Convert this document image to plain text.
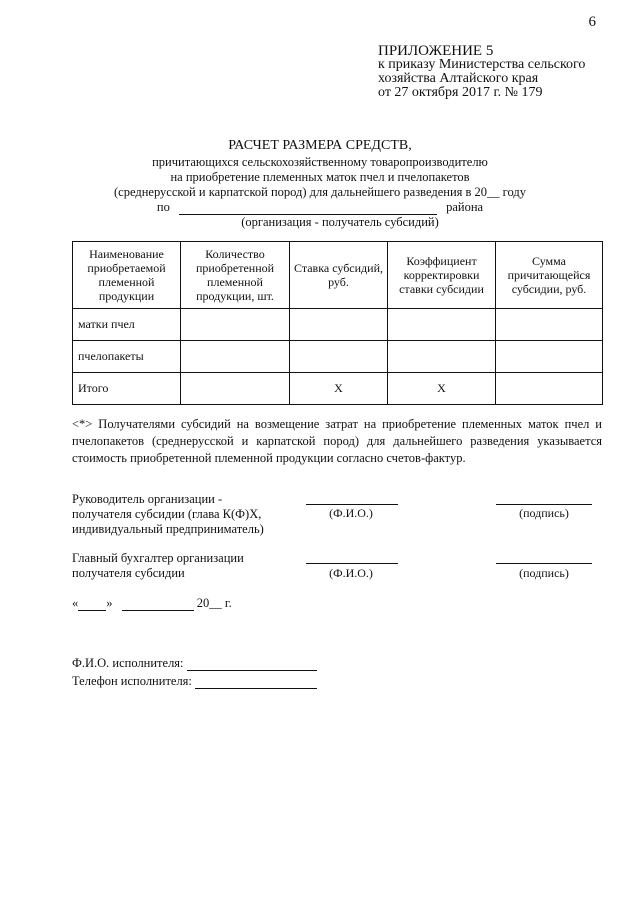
6
ПРИЛОЖЕНИЕ 5
к приказу Министерства сельского
хозяйства Алтайского края
от 27 октября 2017 г. № 179
РАСЧЕТ РАЗМЕРА СРЕДСТВ,
причитающихся сельскохозяйственному товаропроизводителю
на приобретение племенных маток пчел и пчелопакетов
(среднерусской и карпатской пород) для дальнейшего разведения в 20__ году
по	района
(организация - получатель субсидий)
Наименование приобретаемой племенной продукции	Количество приобретенной племенной продукции, шт.	Ставка субсидий, руб.	Коэффициент корректировки ставки субсидии	Сумма причитающейся субсидии, руб.
матки пчел				
пчелопакеты				
Итого		Х	Х	
<*> Получателями субсидий на возмещение затрат на приобретение племенных маток пчел и пчелопакетов (среднерусской и карпатской пород) для дальнейшего разведения указывается стоимость приобретенной племенной продукции согласно счетов-фактур.
Руководитель организации -
получателя субсидии (глава К(Ф)Х,
индивидуальный предприниматель)
(Ф.И.О.)	(подпись)
Главный бухгалтер организации
получателя субсидии	(Ф.И.О.)	(подпись)
« »	20__ г.
Ф.И.О. исполнителя:
Телефон исполнителя:
